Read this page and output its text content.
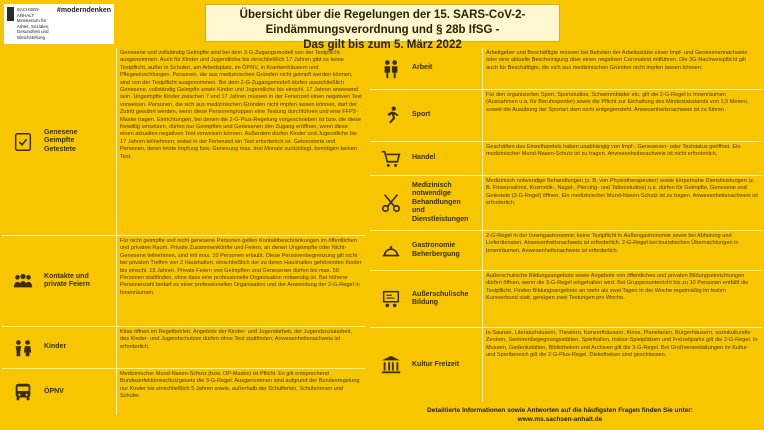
SACHSEN-ANHALT
Ministerium für Arbeit, Soziales, Gesundheit und Gleichstellung
#moderndenken	Übersicht über die Regelungen der 15. SARS-CoV-2-Eindämmungsverordnung und § 28b IfSG -
Das gilt bis zum 5. März 2022
Genesene Geimpfte Getestete
Genesene und vollständig Geimpfte sind bei dem 3-G-Zugangsmodell von der Testpflicht ausgenommen. Auch für Kinder und Jugendliche bis einschließlich 17 Jahren gibt es keine Testpflicht, außer in Schulen, am Arbeitsplatz, im ÖPNV, in Krankenhäusern und Pflegeeinrichtungen. Personen, die aus medizinischen Gründen nicht geimpft werden können, sind von der Testpflicht ausgenommen. Bei dem 2-G-Zugangsmodell dürfen ausschließlich Genesene, vollständig Geimpfte sowie Kinder und Jugendliche bis einschl. 17 Jahren anwesend sein. Ungeimpfte Kinder zwischen 7 und 17 Jahren müssen in der Ferienzeit einen negativen Test vorweisen. Personen, die sich aus medizinischen Gründen nicht impfen lassen können, darf der Zutritt gewährt werden, wenn diese Personengruppen eine Testung durchführen und eine FFP2-Maske tragen. Einrichtungen, bei denen die 2-G-Plus-Regelung vorgeschrieben ist bzw. die diese freiwillig umsetzen, dürfen nur Geimpften und Genesenen den Zugang eröffnen, wenn diese einen aktuellen negativen Test vorweisen können. Außerdem dürfen Kinder und Jugendliche bis 17 Jahren teilnehmen, wobei in der Ferienzeit ein Test erforderlich ist. Geboosterte und Personen, deren letzte Impfung bzw. Genesung max. drei Monate zurückliegt, benötigen keinen Test.
Kontakte und private Feiern
Für nicht geimpfte und nicht genesene Personen gelten Kontaktbeschränkungen im öffentlichen und privaten Raum. Private Zusammenkünfte und Feiern, an denen Ungeimpfte oder Nicht-Genesene teilnehmen, sind mit max. 10 Personen erlaubt. Diese Personenbegrenzung gilt nicht bei privaten Treffen von 2 Haushalten, einschließlich der zu deren Haushalten gehörenden Kinder bis einschl. 13 Jahren. Private Feiern von Geimpften und Genesenen dürfen bis max. 50 Personen stattfinden, ohne dass eine professionelle Organisation notwendig ist. Bei höherer Personenzahl bedarf es einer professionellen Organisation und der Anwendung der 2-G-Regel in Innenräumen.
Kinder
Kitas öffnen im Regelbetrieb. Angebote der Kinder- und Jugendarbeit, der Jugendsozialarbeit, des Kinder- und Jugendschutzes dürfen ohne Test stattfinden; Anwesenheitsnachweis ist erforderlich.
ÖPNV
Medizinischer Mund-Nasen-Schutz (bzw. OP-Maske) ist Pflicht. Es gilt entsprechend Bundesinfektionsschutzgesetz die 3-G-Regel. Ausgenommen sind aufgrund der Bundesregelung nur Kinder bis einschließlich 5 Jahren sowie, außerhalb der Schulferien, Schülerinnen und Schüler.
Arbeit
Arbeitgeber und Beschäftigte müssen bei Betreten der Arbeitsstätte einen Impf- und Genesenennachweis oder eine aktuelle Bescheinigung über einen negativen Coronatest mitführen. Die 3G-Nachweispflicht gilt auch für Beschäftigte, die sich aus medizinischen Gründen nicht impfen lassen können.
Sport
Für den organisierten Sport, Sportstudios, Schwimmbäder etc. gilt die 2-G-Regel in Innenräumen (Ausnahmen u.a. für Berufssportler) sowie die Pflicht zur Einhaltung des Mindestabstands von 1,5 Metern, soweit die Ausübung der Sportart dem nicht entgegensteht. Anwesenheitsnachweis ist zu führen.
Handel
Geschäften des Einzelhandels haben unabhängig von Impf-, Genesenen- oder Teststatus geöffnet. Ein medizinischer Mund-Nasen-Schutz ist zu tragen. Anwesenheitsnachweis ist nicht erforderlich.
Medizinisch notwendige Behandlungen und Dienstleistungen
Medizinisch notwendige Behandlungen (z. B. von Physiotherapeuten) sowie körpernahe Dienstleistungen (z. B. Friseursalons, Kosmetik-, Nagel-, Piercing- und Tattoostudios) u.a. dürfen für Geimpfte, Genesene und Getestete (3-G-Regel) öffnen. Ein medizinischer Mund-Nasen-Schutz ist zu tragen. Anwesenheitsnachweis ist erforderlich.
Gastronomie Beherbergung
2-G-Regel in der Innengastronomie; keine Testpflicht in Außengastronomie sowie bei Abholung und Lieferdiensten. Anwesenheitsnachweis ist erforderlich. 2-G-Regel bei touristischen Übernachtungen in Innenräumen. Anwesenheitsnachweis ist erforderlich.
Außerschulische Bildung
Außerschulische Bildungsangebote sowie Angebote von öffentlichen und privaten Bildungseinrichtungen dürfen öffnen, wenn die 3-G-Regel eingehalten wird. Bei Gruppenunterricht bis zu 10 Personen entfällt die Testpflicht. Finden Bildungsangebote an mehr als zwei Tagen in der Woche regelmäßig im festen Kursverbund statt, genügen zwei Testungen pro Woche.
Kultur Freizeit
In Saunen, Literaturhäusern, Theatern, Konzerthäusern, Kinos, Planetarien, Bürgerhäusern, soziokulturelle Zentren, Seniorenbegegnungsstätten, Spielhallen, Indoor-Spielplätzen und Freizeitparks gilt die 2-G-Regel. In Museen, Gedenkstätten, Bibliotheken und Archiven gilt die 3-G-Regel. Bei Großveranstaltungen im Kultur- und Sportbereich gilt die 2-G-Plus-Regel. Diskotheken sind geschlossen.
Detaillierte Informationen sowie Antworten auf die häufigsten Fragen finden Sie unter:
www.ms.sachsen-anhalt.de
